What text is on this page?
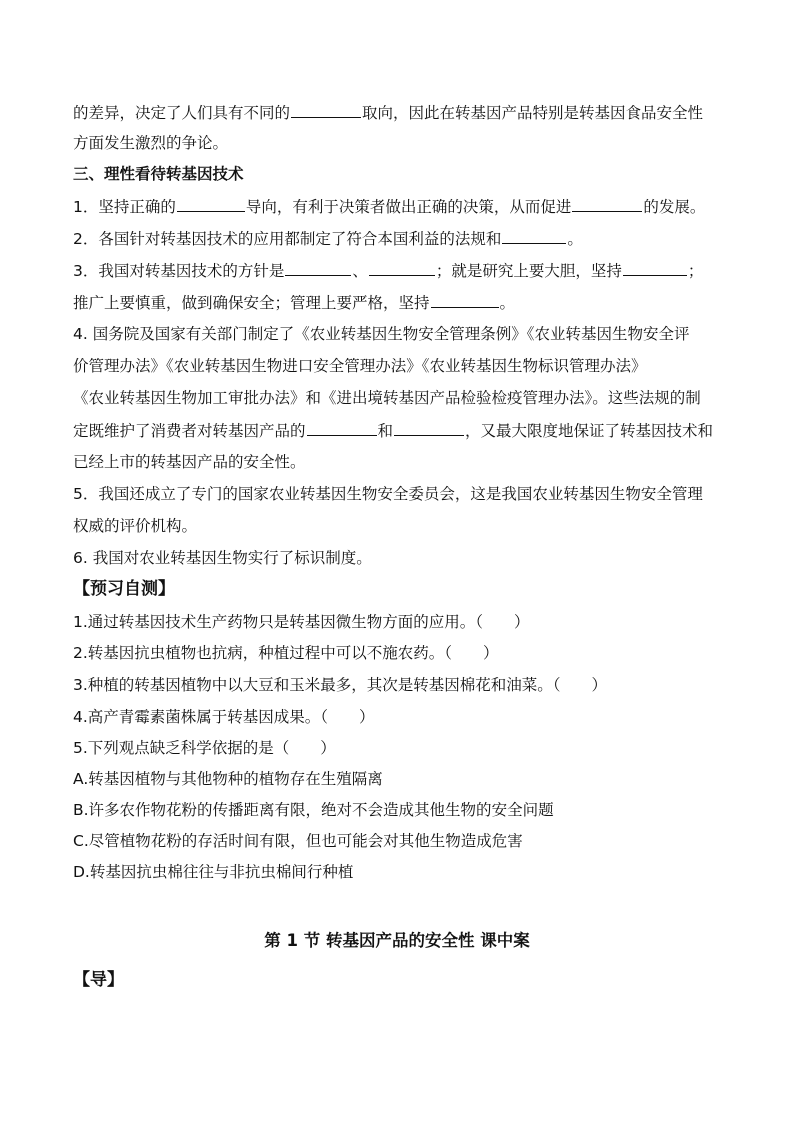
的差异，决定了人们具有不同的	取向，因此在转基因产品特别是转基因食品安全性
方面发生激烈的争论。
三、理性看待转基因技术
1．坚持正确的	导向，有利于决策者做出正确的决策，从而促进	的发展。
2．各国针对转基因技术的应用都制定了符合本国利益的法规和	。
3．我国对转基因技术的方针是	、	；就是研究上要大胆，坚持	；
推广上要慎重，做到确保安全；管理上要严格，坚持	。
4. 国务院及国家有关部门制定了《农业转基因生物安全管理条例》《农业转基因生物安全评
价管理办法》《农业转基因生物进口安全管理办法》《农业转基因生物标识管理办法》
《农业转基因生物加工审批办法》和《进出境转基因产品检验检疫管理办法》。这些法规的制
定既维护了消费者对转基因产品的	和	，又最大限度地保证了转基因技术和
已经上市的转基因产品的安全性。
5．我国还成立了专门的国家农业转基因生物安全委员会，这是我国农业转基因生物安全管理
权威的评价机构。
6. 我国对农业转基因生物实行了标识制度。
【预习自测】
1.通过转基因技术生产药物只是转基因微生物方面的应用。（　　）
2.转基因抗虫植物也抗病，种植过程中可以不施农药。（　　）
3.种植的转基因植物中以大豆和玉米最多，其次是转基因棉花和油菜。（　　）
4.高产青霉素菌株属于转基因成果。（　　）
5.下列观点缺乏科学依据的是（　　）
A.转基因植物与其他物种的植物存在生殖隔离
B.许多农作物花粉的传播距离有限，绝对不会造成其他生物的安全问题
C.尽管植物花粉的存活时间有限，但也可能会对其他生物造成危害
D.转基因抗虫棉往往与非抗虫棉间行种植
第 1 节 转基因产品的安全性 课中案
【导】
